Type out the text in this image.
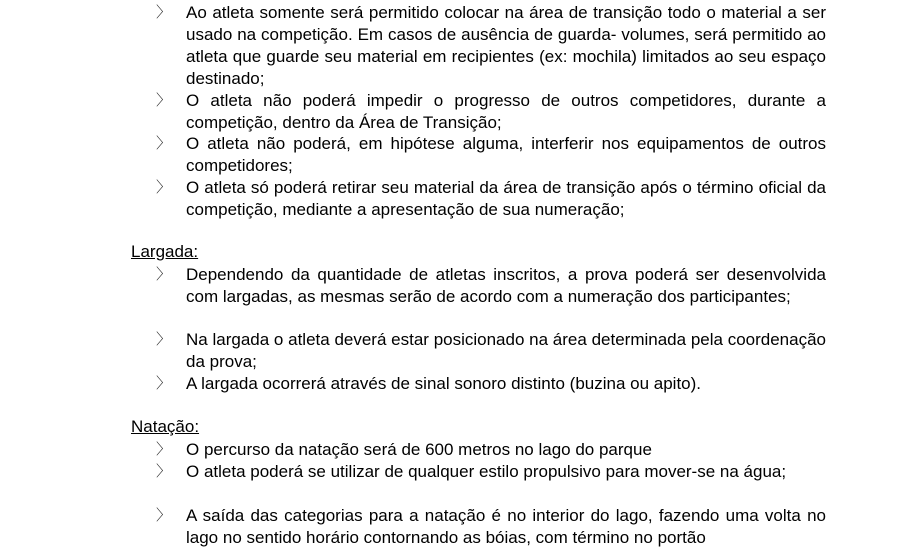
〉 Ao atleta somente será permitido colocar na área de transição todo o material a ser usado na competição. Em casos de ausência de guarda- volumes, será permitido ao atleta que guarde seu material em recipientes (ex: mochila) limitados ao seu espaço destinado;
〉 O atleta não poderá impedir o progresso de outros competidores, durante a competição, dentro da Área de Transição;
〉 O atleta não poderá, em hipótese alguma, interferir nos equipamentos de outros competidores;
〉 O atleta só poderá retirar seu material da área de transição após o término oficial da competição, mediante a apresentação de sua numeração;
Largada:
〉 Dependendo da quantidade de atletas inscritos, a prova poderá ser desenvolvida com largadas, as mesmas serão de acordo com a numeração dos participantes;
〉 Na largada o atleta deverá estar posicionado na área determinada pela coordenação da prova;
〉 A largada ocorrerá através de sinal sonoro distinto (buzina ou apito).
Natação:
〉 O percurso da natação será de 600 metros no lago do parque
〉 O atleta poderá se utilizar de qualquer estilo propulsivo para mover-se na água;
〉 A saída das categorias para a natação é no interior do lago, fazendo uma volta no lago no sentido horário contornando as bóias, com término no portão
